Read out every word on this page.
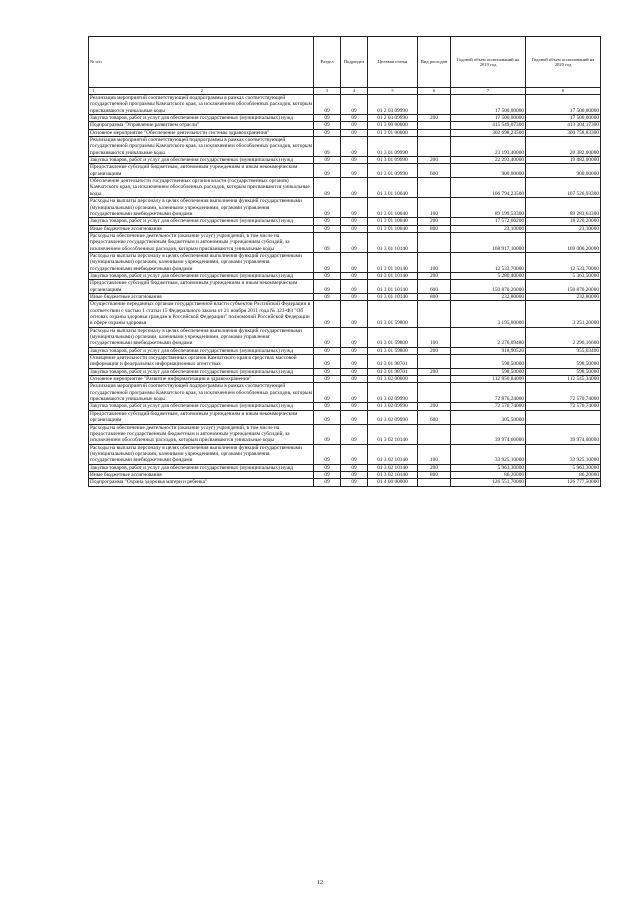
№ п/п	Раздел	Подраздел	Целевая статья	Вид расходов	Годовой объем ассигнований на 2019 год	Годовой объем ассигнований на 2020 год

1 2	3	4	5	6	7	8
Реализация мероприятий соответствующей подпрограммы в рамках соответствующей государственной программы Камчатского края, за исключением обособленных расходов, которым присваиваются уникальные коды	09	09	01 2 03 09990		17 500,00000	17 500,00000
Закупка товаров, работ и услуг для обеспечения государственных (муниципальных) нужд	09	09	01 2 03 09990	200	17 500,00000	17 500,00000
Подпрограмма "Управление развитием отрасли"	09	09	01 3 00 00000		415 549,07300	413 304,17300
Основное мероприятие "Обеспечение деятельности системы здравоохранения"	09	09	01 3 01 00000		302 698,23500	300 758,83300
Реализация мероприятий соответствующей подпрограммы в рамках соответствующей государственной программы Камчатского края, за исключением обособленных расходов, которым присваиваются уникальные коды	09	09	01 3 01 09990		23 193,40000	20 382,00000
Закупка товаров, работ и услуг для обеспечения государственных (муниципальных) нужд	09	09	01 3 01 09990	200	22 293,40000	19 482,00000
Предоставление субсидий бюджетным, автономным учреждениям и иным некоммерческим организациям	09	09	01 3 01 09990	600	900,00000	900,00000
Обеспечение деятельности государственных органов власти (государственных органов) Камчатского края, за исключением обособленных расходов, которым присваиваются уникальные коды.	09	09	01 3 01 10040		106 794,23500	107 526,93300
Расходы на выплаты персоналу в целях обеспечения выполнения функций государственными (муниципальными) органами, казенными учреждениями, органами управления государственными внебюджетными фондами	09	09	01 3 01 10040	100	89 199,53300	89 283,63300
Закупка товаров, работ и услуг для обеспечения государственных (муниципальных) нужд	09	09	01 3 01 10040	200	17 572,60200	18 220,20000
Иные бюджетные ассигнования	09	09	01 3 01 10040	800	23,10000	23,10000
Расходы на обеспечение деятельности (оказание услуг) учреждений, в том числе на предоставление государственным бюджетным и автономным учреждениям субсидий, за исключением обособленных расходов, которым присваиваются уникальные коды	09	09	01 3 01 10140		168 917,10000	169 000,20000
Расходы на выплаты персоналу в целях обеспечения выполнения функций государственными (муниципальными) органами, казенными учреждениями, органами управления государственными внебюджетными фондами	09	09	01 3 01 10140	100	12 533,70000	12 533,70000
Закупка товаров, работ и услуг для обеспечения государственных (муниципальных) нужд	09	09	01 3 01 10140	200	5 280,40000	5 363,50000
Предоставление субсидий бюджетным, автономным учреждениям и иным некоммерческим организациям	09	09	01 3 01 10140	600	150 870,20000	150 870,20000
Иные бюджетные ассигнования	09	09	01 3 01 10140	800	232,80000	232,80000
Осуществление переданных органам государственной власти субъектов Российской Федерации в соответствии с частью 1 статьи 15 Федерального закона от 21 ноября 2011 года № 323-ФЗ "Об основах охраны здоровья граждан в Российской Федерации" полномочий Российской Федерации в сфере охраны здоровья	09	09	01 3 01 59800		3 195,00000	3 251,20000
Расходы на выплаты персоналу в целях обеспечения выполнения функций государственными (муниципальными) органами, казенными учреждениями, органами управления государственными внебюджетными фондами	09	09	01 3 01 59800	100	2 276,09480	2 296,16600
Закупка товаров, работ и услуг для обеспечения государственных (муниципальных) нужд	09	09	01 3 01 59800	200	918,90520	955,03400
Освещение деятельности государственных органов Камчатского края в средствах массовой информации и федеральных информационных агентствах	09	09	01 3 01 98701		598,50000	598,50000
Закупка товаров, работ и услуг для обеспечения государственных (муниципальных) нужд	09	09	01 3 01 98701	200	598,50000	598,50000
Основное мероприятие "Развитие информатизации в здравоохранении"	09	09	01 3 02 00000		112 850,84000	112 545,34000
Реализация мероприятий соответствующей подпрограммы в рамках соответствующей государственной программы Камчатского края, за исключением обособленных расходов, которым присваиваются уникальные коды	09	09	01 3 02 09990		72 876,24000	72 570,74000
Закупка товаров, работ и услуг для обеспечения государственных (муниципальных) нужд	09	09	01 3 02 09990	200	72 570,74000	72 570,74000
Предоставление субсидий бюджетным, автономным учреждениям и иным некоммерческим организациям	09	09	01 3 02 09990	600	305,50000	
Расходы на обеспечение деятельности (оказание услуг) учреждений, в том числе на предоставление государственным бюджетным и автономным учреждениям субсидий, за исключением обособленных расходов, которым присваиваются уникальные коды	09	09	01 3 02 10140		39 974,60000	39 974,60000
Расходы на выплаты персоналу в целях обеспечения выполнения функций государственными (муниципальными) органами, казенными учреждениями, органами управления государственными внебюджетными фондами	09	09	01 3 02 10140	100	33 925,10000	33 925,10000
Закупка товаров, работ и услуг для обеспечения государственных (муниципальных) нужд	09	09	01 3 02 10140	200	5 963,30000	5 963,30000
Иные бюджетные ассигнования	09	09	01 3 02 10140	800	86,20000	86,20000
Подпрограмма "Охрана здоровья матери и ребенка"	09	09	01 4 00 00000		126 551,70000	126 777,50000
12
